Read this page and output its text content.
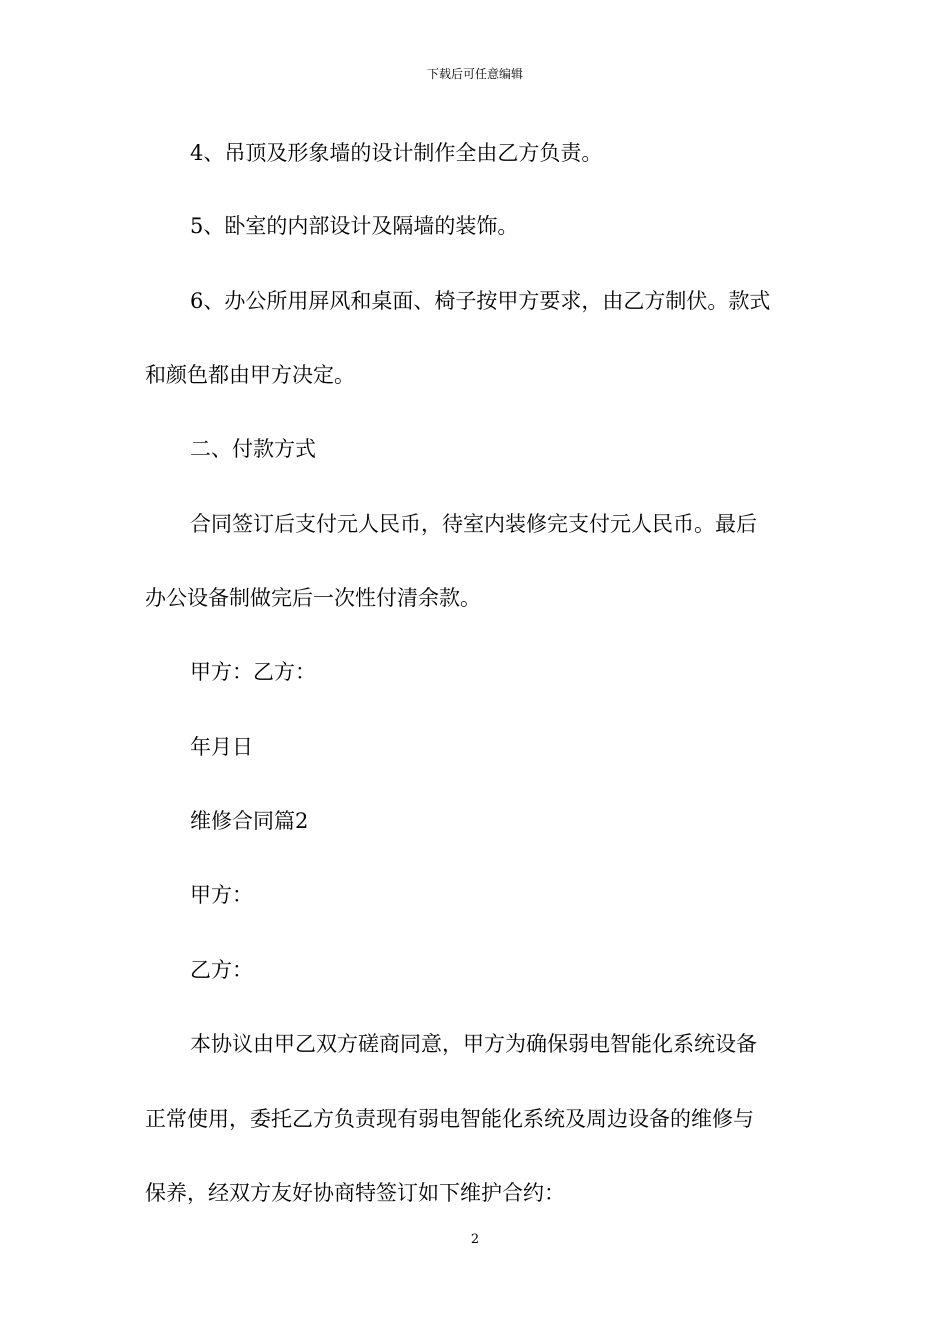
下载后可任意编辑
4、吊顶及形象墙的设计制作全由乙方负责。
5、卧室的内部设计及隔墙的装饰。
6、办公所用屏风和桌面、椅子按甲方要求，由乙方制伏。款式
和颜色都由甲方决定。
二、付款方式
合同签订后支付元人民币，待室内装修完支付元人民币。最后
办公设备制做完后一次性付清余款。
甲方：乙方：
年月日
维修合同篇2
甲方：
乙方：
本协议由甲乙双方磋商同意，甲方为确保弱电智能化系统设备
正常使用，委托乙方负责现有弱电智能化系统及周边设备的维修与
保养，经双方友好协商特签订如下维护合约：
2
